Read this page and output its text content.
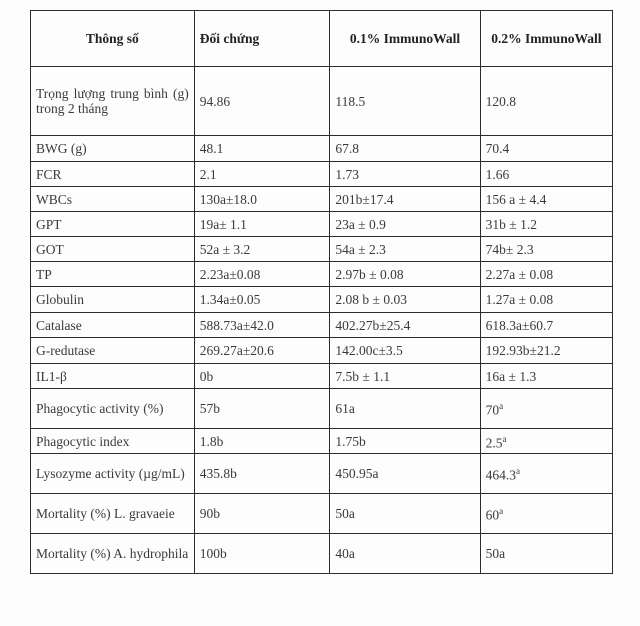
Thông số	Đối chứng	0.1% ImmunoWall	0.2% ImmunoWall
Trọng lượng trung bình (g) trong 2 tháng	94.86	118.5	120.8
BWG (g)	48.1	67.8	70.4
FCR	2.1	1.73	1.66
WBCs	130a±18.0	201b±17.4	156 a ± 4.4
GPT	19a± 1.1	23a ± 0.9	31b ± 1.2
GOT	52a ± 3.2	54a ± 2.3	74b± 2.3
TP	2.23a±0.08	2.97b ± 0.08	2.27a ± 0.08
Globulin	1.34a±0.05	2.08 b ± 0.03	1.27a ± 0.08
Catalase	588.73a±42.0	402.27b±25.4	618.3a±60.7
G-redutase	269.27a±20.6	142.00c±3.5	192.93b±21.2
IL1-β	0b	7.5b ± 1.1	16a ± 1.3
Phagocytic activity (%)	57b	61a	70$^a$
Phagocytic index	1.8b	1.75b	2.5$^a$
Lysozyme activity (µg/mL)	435.8b	450.95a	464.3$^a$
Mortality (%) L. gravaeie	90b	50a	60$^a$
Mortality (%) A. hydrophila	100b	40a	50a
